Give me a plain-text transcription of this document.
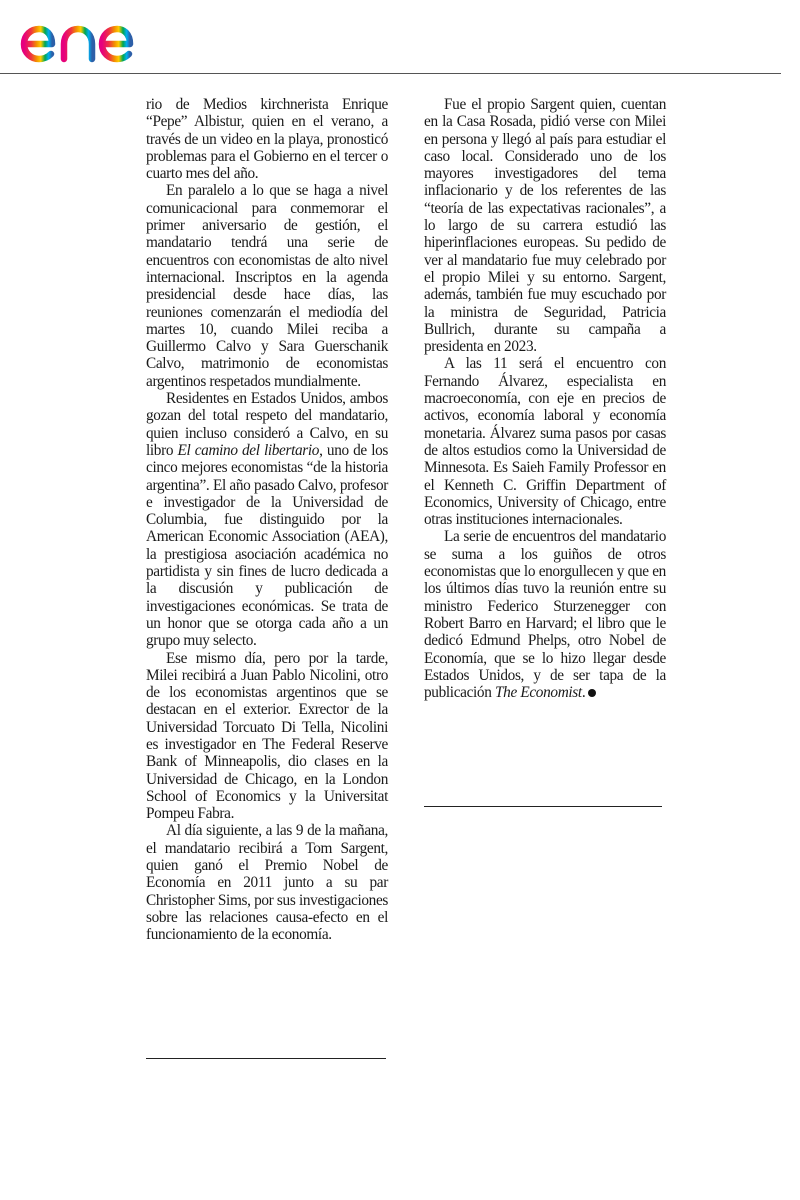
rio de Medios kirchnerista Enrique “Pepe” Albistur, quien en el verano, a través de un video en la playa, pronosticó problemas para el Gobierno en el tercer o cuarto mes del año.

En paralelo a lo que se haga a nivel comunicacional para conmemorar el primer aniversario de gestión, el mandatario tendrá una serie de encuentros con economistas de alto nivel internacional. Inscriptos en la agenda presidencial desde hace días, las reuniones comenzarán el mediodía del martes 10, cuando Milei reciba a Guillermo Calvo y Sara Guerschanik Calvo, matrimonio de economistas argentinos respetados mundialmente.

Residentes en Estados Unidos, ambos gozan del total respeto del mandatario, quien incluso consideró a Calvo, en su libro El camino del libertario, uno de los cinco mejores economistas “de la historia argentina”. El año pasado Calvo, profesor e investigador de la Universidad de Columbia, fue distinguido por la American Economic Association (AEA), la prestigiosa asociación académica no partidista y sin fines de lucro dedicada a la discusión y publicación de investigaciones económicas. Se trata de un honor que se otorga cada año a un grupo muy selecto.

Ese mismo día, pero por la tarde, Milei recibirá a Juan Pablo Nicolini, otro de los economistas argentinos que se destacan en el exterior. Exrector de la Universidad Torcuato Di Tella, Nicolini es investigador en The Federal Reserve Bank of Minneapolis, dio clases en la Universidad de Chicago, en la London School of Economics y la Universitat Pompeu Fabra.

Al día siguiente, a las 9 de la mañana, el mandatario recibirá a Tom Sargent, quien ganó el Premio Nobel de Economía en 2011 junto a su par Christopher Sims, por sus investigaciones sobre las relaciones causa-efecto en el funcionamiento de la economía.

Fue el propio Sargent quien, cuentan en la Casa Rosada, pidió verse con Milei en persona y llegó al país para estudiar el caso local. Considerado uno de los mayores investigadores del tema inflacionario y de los referentes de las “teoría de las expectativas racionales”, a lo largo de su carrera estudió las hiperinflaciones europeas. Su pedido de ver al mandatario fue muy celebrado por el propio Milei y su entorno. Sargent, además, también fue muy escuchado por la ministra de Seguridad, Patricia Bullrich, durante su campaña a presidenta en 2023.

A las 11 será el encuentro con Fernando Álvarez, especialista en macroeconomía, con eje en precios de activos, economía laboral y economía monetaria. Álvarez suma pasos por casas de altos estudios como la Universidad de Minnesota. Es Saieh Family Professor en el Kenneth C. Griffin Department of Economics, University of Chicago, entre otras instituciones internacionales.

La serie de encuentros del mandatario se suma a los guiños de otros economistas que lo enorgullecen y que en los últimos días tuvo la reunión entre su ministro Federico Sturzenegger con Robert Barro en Harvard; el libro que le dedicó Edmund Phelps, otro Nobel de Economía, que se lo hizo llegar desde Estados Unidos, y de ser tapa de la publicación The Economist.
